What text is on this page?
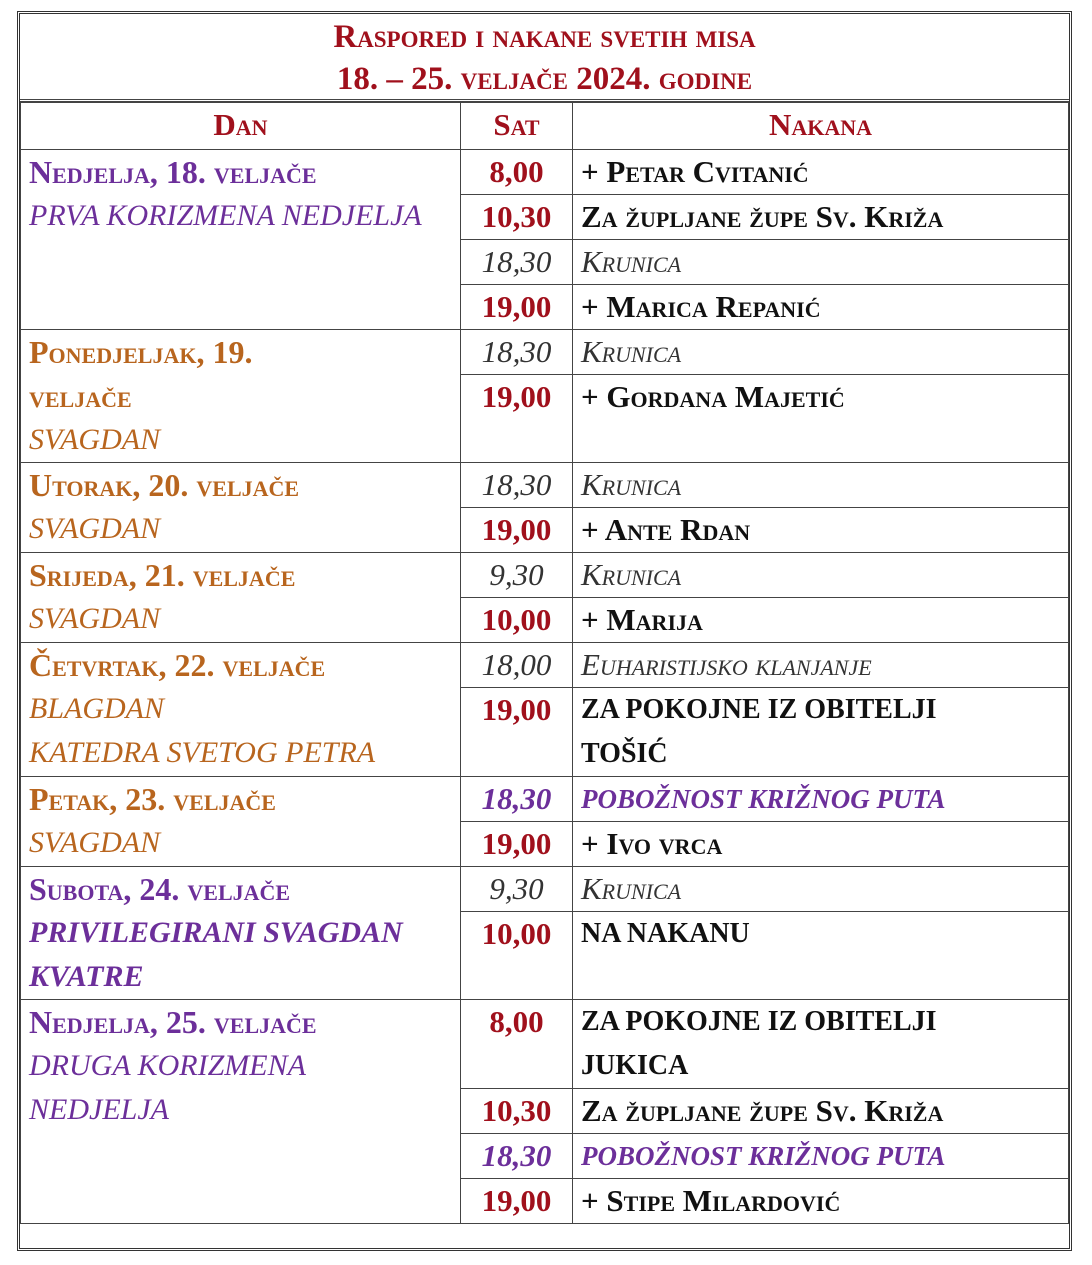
Raspored i nakane svetih misa
18. – 25. veljače 2024. godine
Dan	Sat	Nakana

Nedjelja, 18. veljače
PRVA KORIZMENA NEDJELJA	8,00	+ Petar Cvitanić
	10,30	Za župljane župe Sv. Križa
	18,30	Krunica
	19,00	+ Marica Repanić

Ponedjeljak, 19.
veljače
SVAGDAN	18,30	Krunica
	19,00	+ Gordana Majetić

Utorak, 20. veljače
SVAGDAN	18,30	Krunica
	19,00	+ Ante Rdan

Srijeda, 21. veljače
SVAGDAN	9,30	Krunica
	10,00	+ Marija

Četvrtak, 22. veljače
BLAGDAN
KATEDRA SVETOG PETRA	18,00	Euharistijsko klanjanje
	19,00	ZA POKOJNE IZ OBITELJI
TOŠIĆ

Petak, 23. veljače
SVAGDAN	18,30	POBOŽNOST KRIŽNOG PUTA
	19,00	+ Ivo vrca

Subota, 24. veljače
PRIVILEGIRANI SVAGDAN
KVATRE	9,30	Krunica
	10,00	NA NAKANU

Nedjelja, 25. veljače
DRUGA KORIZMENA
NEDJELJA	8,00	ZA POKOJNE IZ OBITELJI
JUKICA

	10,30	Za župljane župe Sv. Križa
	18,30	POBOŽNOST KRIŽNOG PUTA
	19,00	+ Stipe Milardović
